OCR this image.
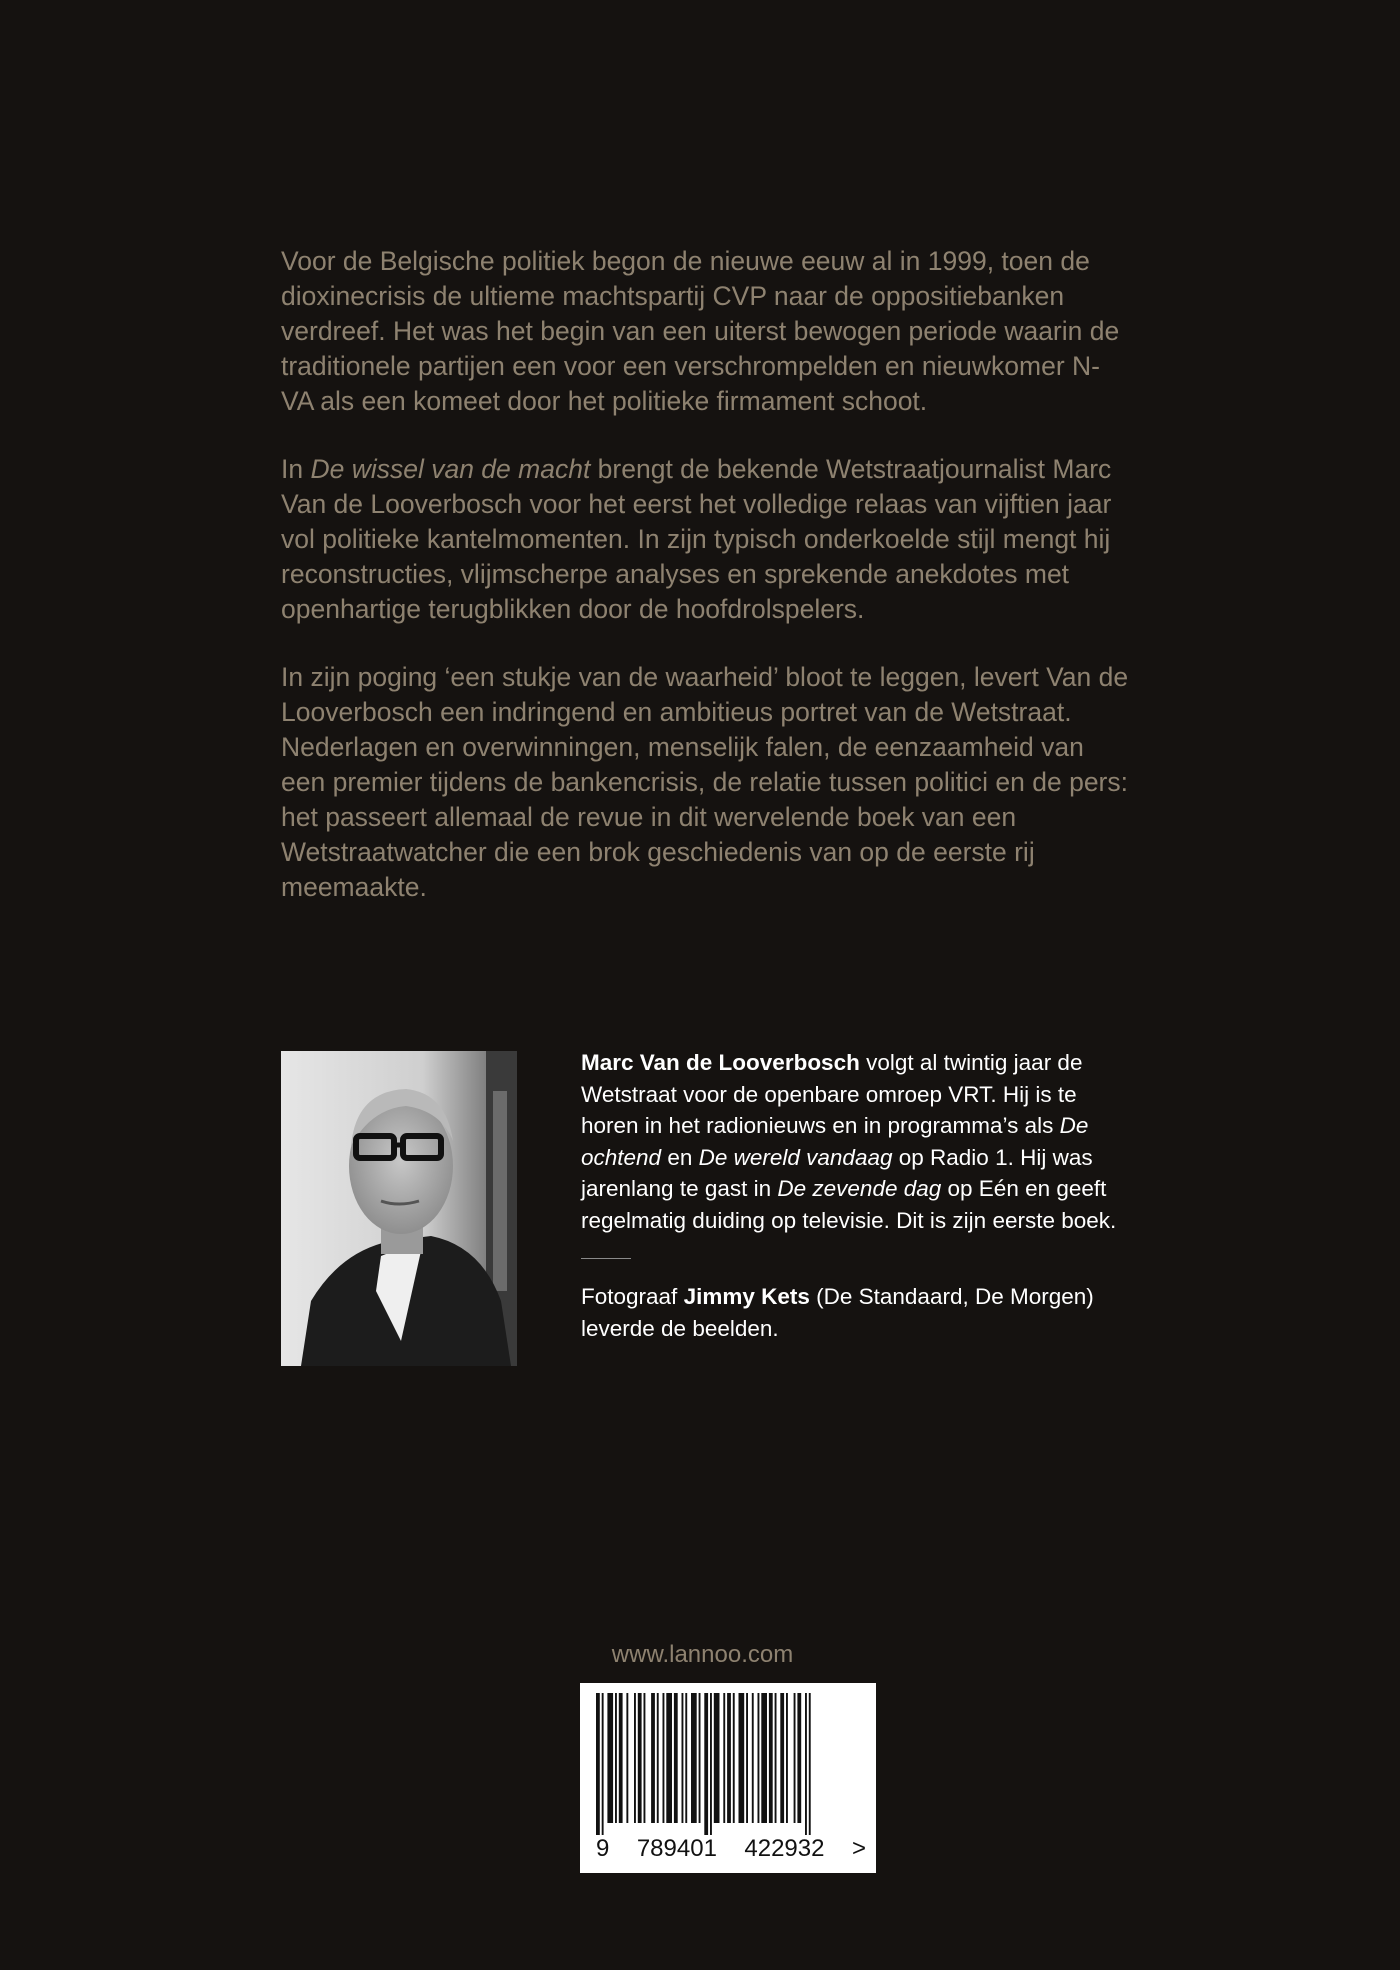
Voor de Belgische politiek begon de nieuwe eeuw al in 1999, toen de dioxinecrisis de ultieme machtspartij CVP naar de oppositiebanken verdreef. Het was het begin van een uiterst bewogen periode waarin de traditionele partijen een voor een verschrompelden en nieuwkomer N-VA als een komeet door het politieke firmament schoot.

In De wissel van de macht brengt de bekende Wetstraatjournalist Marc Van de Looverbosch voor het eerst het volledige relaas van vijftien jaar vol politieke kantelmomenten. In zijn typisch onderkoelde stijl mengt hij reconstructies, vlijmscherpe analyses en sprekende anekdotes met openhartige terugblikken door de hoofdrolspelers.

In zijn poging ‘een stukje van de waarheid’ bloot te leggen, levert Van de Looverbosch een indringend en ambitieus portret van de Wetstraat. Nederlagen en overwinningen, menselijk falen, de eenzaamheid van een premier tijdens de bankencrisis, de relatie tussen politici en de pers: het passeert allemaal de revue in dit wervelende boek van een Wetstraatwatcher die een brok geschiedenis van op de eerste rij meemaakte.

Marc Van de Looverbosch volgt al twintig jaar de Wetstraat voor de openbare omroep VRT. Hij is te horen in het radionieuws en in programma’s als De ochtend en De wereld vandaag op Radio 1. Hij was jarenlang te gast in De zevende dag op Eén en geeft regelmatig duiding op televisie. Dit is zijn eerste boek.

Fotograaf Jimmy Kets (De Standaard, De Morgen) leverde de beelden.

www.lannoo.com
9 789401 422932 >
